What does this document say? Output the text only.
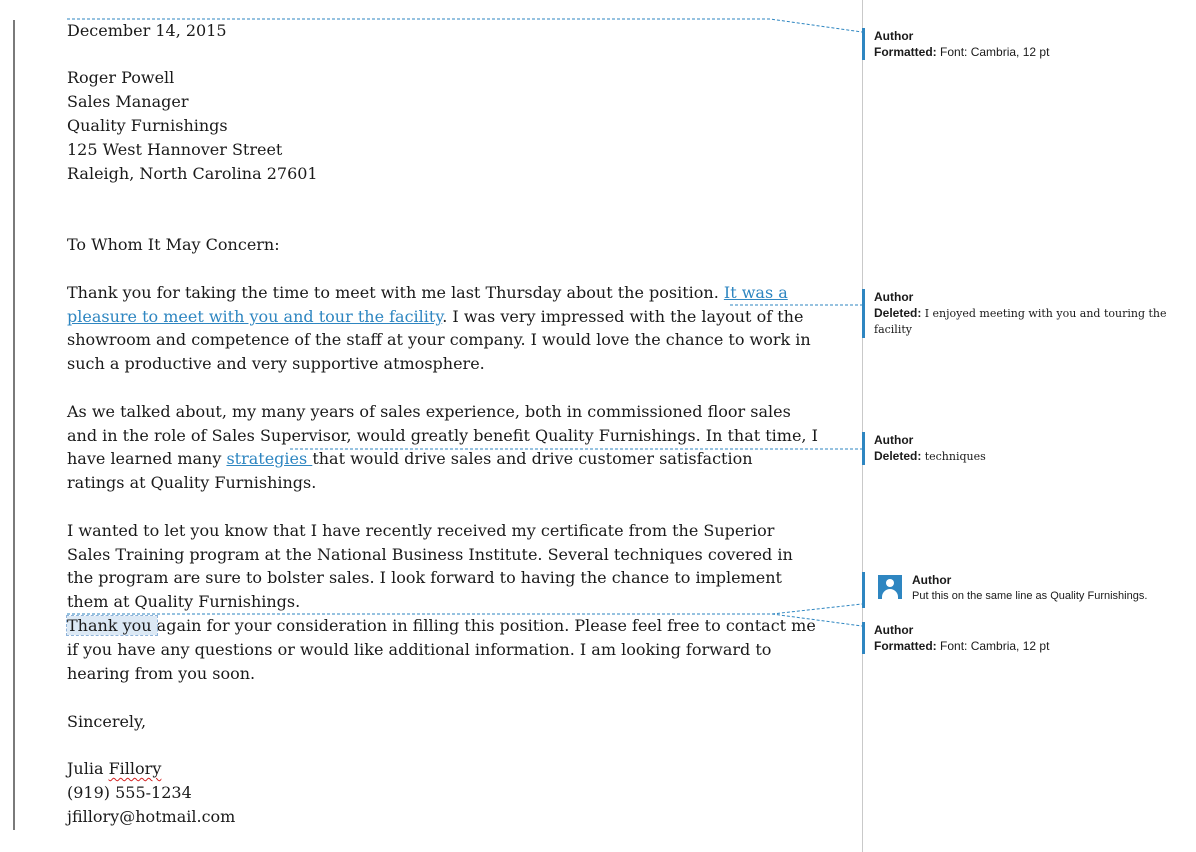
December 14, 2015
Roger Powell
Sales Manager
Quality Furnishings
125 West Hannover Street
Raleigh, North Carolina 27601
To Whom It May Concern:
Thank you for taking the time to meet with me last Thursday about the position. It was a
pleasure to meet with you and tour the facility. I was very impressed with the layout of the
showroom and competence of the staff at your company. I would love the chance to work in
such a productive and very supportive atmosphere.
As we talked about, my many years of sales experience, both in commissioned floor sales
and in the role of Sales Supervisor, would greatly benefit Quality Furnishings. In that time, I
have learned many strategies that would drive sales and drive customer satisfaction
ratings at Quality Furnishings.
I wanted to let you know that I have recently received my certificate from the Superior
Sales Training program at the National Business Institute. Several techniques covered in
the program are sure to bolster sales. I look forward to having the chance to implement
them at Quality Furnishings.
Thank you again for your consideration in filling this position. Please feel free to contact me
if you have any questions or would like additional information. I am looking forward to
hearing from you soon.
Sincerely,
Julia Fillory
(919) 555-1234
jfillory@hotmail.com
Author
Formatted: Font: Cambria, 12 pt
Author
Deleted: I enjoyed meeting with you and touring the
facility
Author
Deleted: techniques
Author
Put this on the same line as Quality Furnishings.
Author
Formatted: Font: Cambria, 12 pt
